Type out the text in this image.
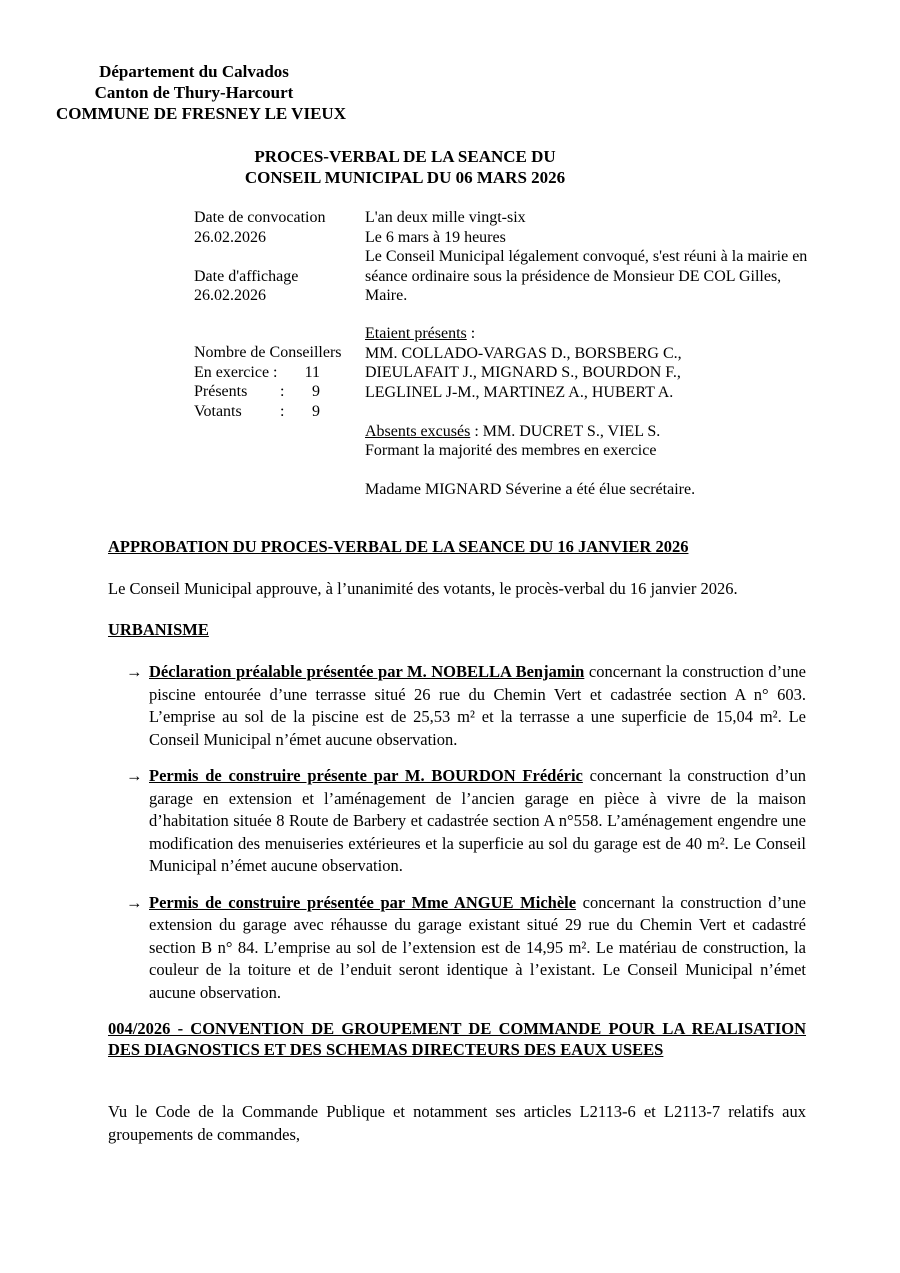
Département du Calvados
Canton de Thury-Harcourt
COMMUNE DE FRESNEY LE VIEUX
PROCES-VERBAL DE LA SEANCE DU
CONSEIL MUNICIPAL DU 06 MARS 2026
Date de convocation
26.02.2026
Date d'affichage
26.02.2026
L'an deux mille vingt-six
Le 6 mars à 19 heures
Le Conseil Municipal légalement convoqué, s'est réuni à la mairie en séance ordinaire sous la présidence de Monsieur DE COL Gilles, Maire.
Nombre de Conseillers
En exercice :	11
Présents	:	9
Votants	:	9
Etaient présents :
MM. COLLADO-VARGAS D., BORSBERG C.,
DIEULAFAIT J., MIGNARD S., BOURDON F.,
LEGLINEL J-M., MARTINEZ A., HUBERT A.
Absents excusés : MM. DUCRET S., VIEL S.
Formant la majorité des membres en exercice
Madame MIGNARD Séverine a été élue secrétaire.
APPROBATION DU PROCES-VERBAL DE LA SEANCE DU 16 JANVIER 2026

Le Conseil Municipal approuve, à l’unanimité des votants, le procès-verbal du 16 janvier 2026.

URBANISME
→ Déclaration préalable présentée par M. NOBELLA Benjamin concernant la construction d’une piscine entourée d’une terrasse situé 26 rue du Chemin Vert et cadastrée section A n° 603. L’emprise au sol de la piscine est de 25,53 m² et la terrasse a une superficie de 15,04 m². Le Conseil Municipal n’émet aucune observation.
→ Permis de construire présente par M. BOURDON Frédéric concernant la construction d’un garage en extension et l’aménagement de l’ancien garage en pièce à vivre de la maison d’habitation située 8 Route de Barbery et cadastrée section A n°558. L’aménagement engendre une modification des menuiseries extérieures et la superficie au sol du garage est de 40 m². Le Conseil Municipal n’émet aucune observation.
→ Permis de construire présentée par Mme ANGUE Michèle concernant la construction d’une extension du garage avec réhausse du garage existant situé 29 rue du Chemin Vert et cadastré section B n° 84. L’emprise au sol de l’extension est de 14,95 m². Le matériau de construction, la couleur de la toiture et de l’enduit seront identique à l’existant. Le Conseil Municipal n’émet aucune observation.
004/2026 - CONVENTION DE GROUPEMENT DE COMMANDE POUR LA REALISATION DES DIAGNOSTICS ET DES SCHEMAS DIRECTEURS DES EAUX USEES

Vu le Code de la Commande Publique et notamment ses articles L2113-6 et L2113-7 relatifs aux groupements de commandes,
